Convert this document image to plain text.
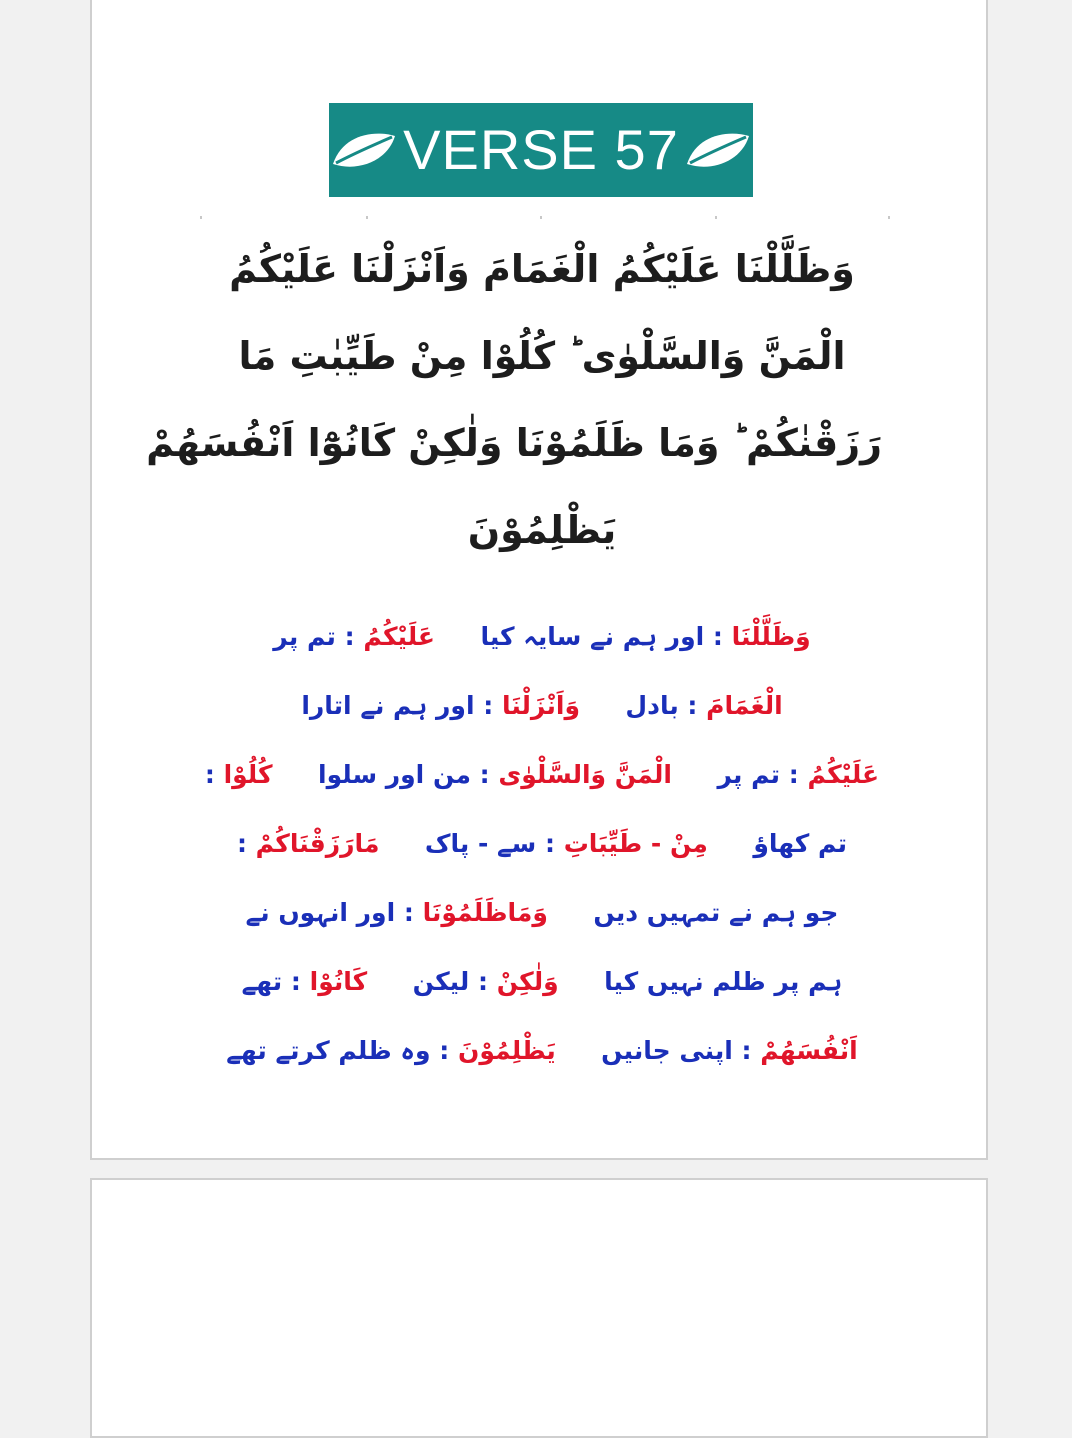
VERSE 57
وَظَلَّلْنَا عَلَيْكُمُ الْغَمَامَ وَاَنْزَلْنَا عَلَيْكُمُ
الْمَنَّ وَالسَّلْوٰى ؕ كُلُوْا مِنْ طَيِّبٰتِ مَا
رَزَقْنٰكُمْ ؕ وَمَا ظَلَمُوْنَا وَلٰكِنْ كَانُوْٓا اَنْفُسَهُمْ
يَظْلِمُوْنَ
وَظَلَّلْنَا : اور ہم نے سایہ کیا  عَلَيْكُمُ : تم پر
الْغَمَامَ : بادل  وَاَنْزَلْنَا : اور ہم نے اتارا
عَلَيْكُمُ : تم پر  الْمَنَّ وَالسَّلْوٰى : من اور سلوا  كُلُوْا :
تم کھاؤ  مِنْ - طَيِّبَاتِ : سے - پاک  مَارَزَقْنَاكُمْ :
جو ہم نے تمہیں دیں  وَمَاظَلَمُوْنَا : اور انہوں نے
ہم پر ظلم نہیں کیا  وَلٰكِنْ : لیکن  كَانُوْا : تھے
اَنْفُسَهُمْ : اپنی جانیں  يَظْلِمُوْنَ : وہ ظلم کرتے تھے
